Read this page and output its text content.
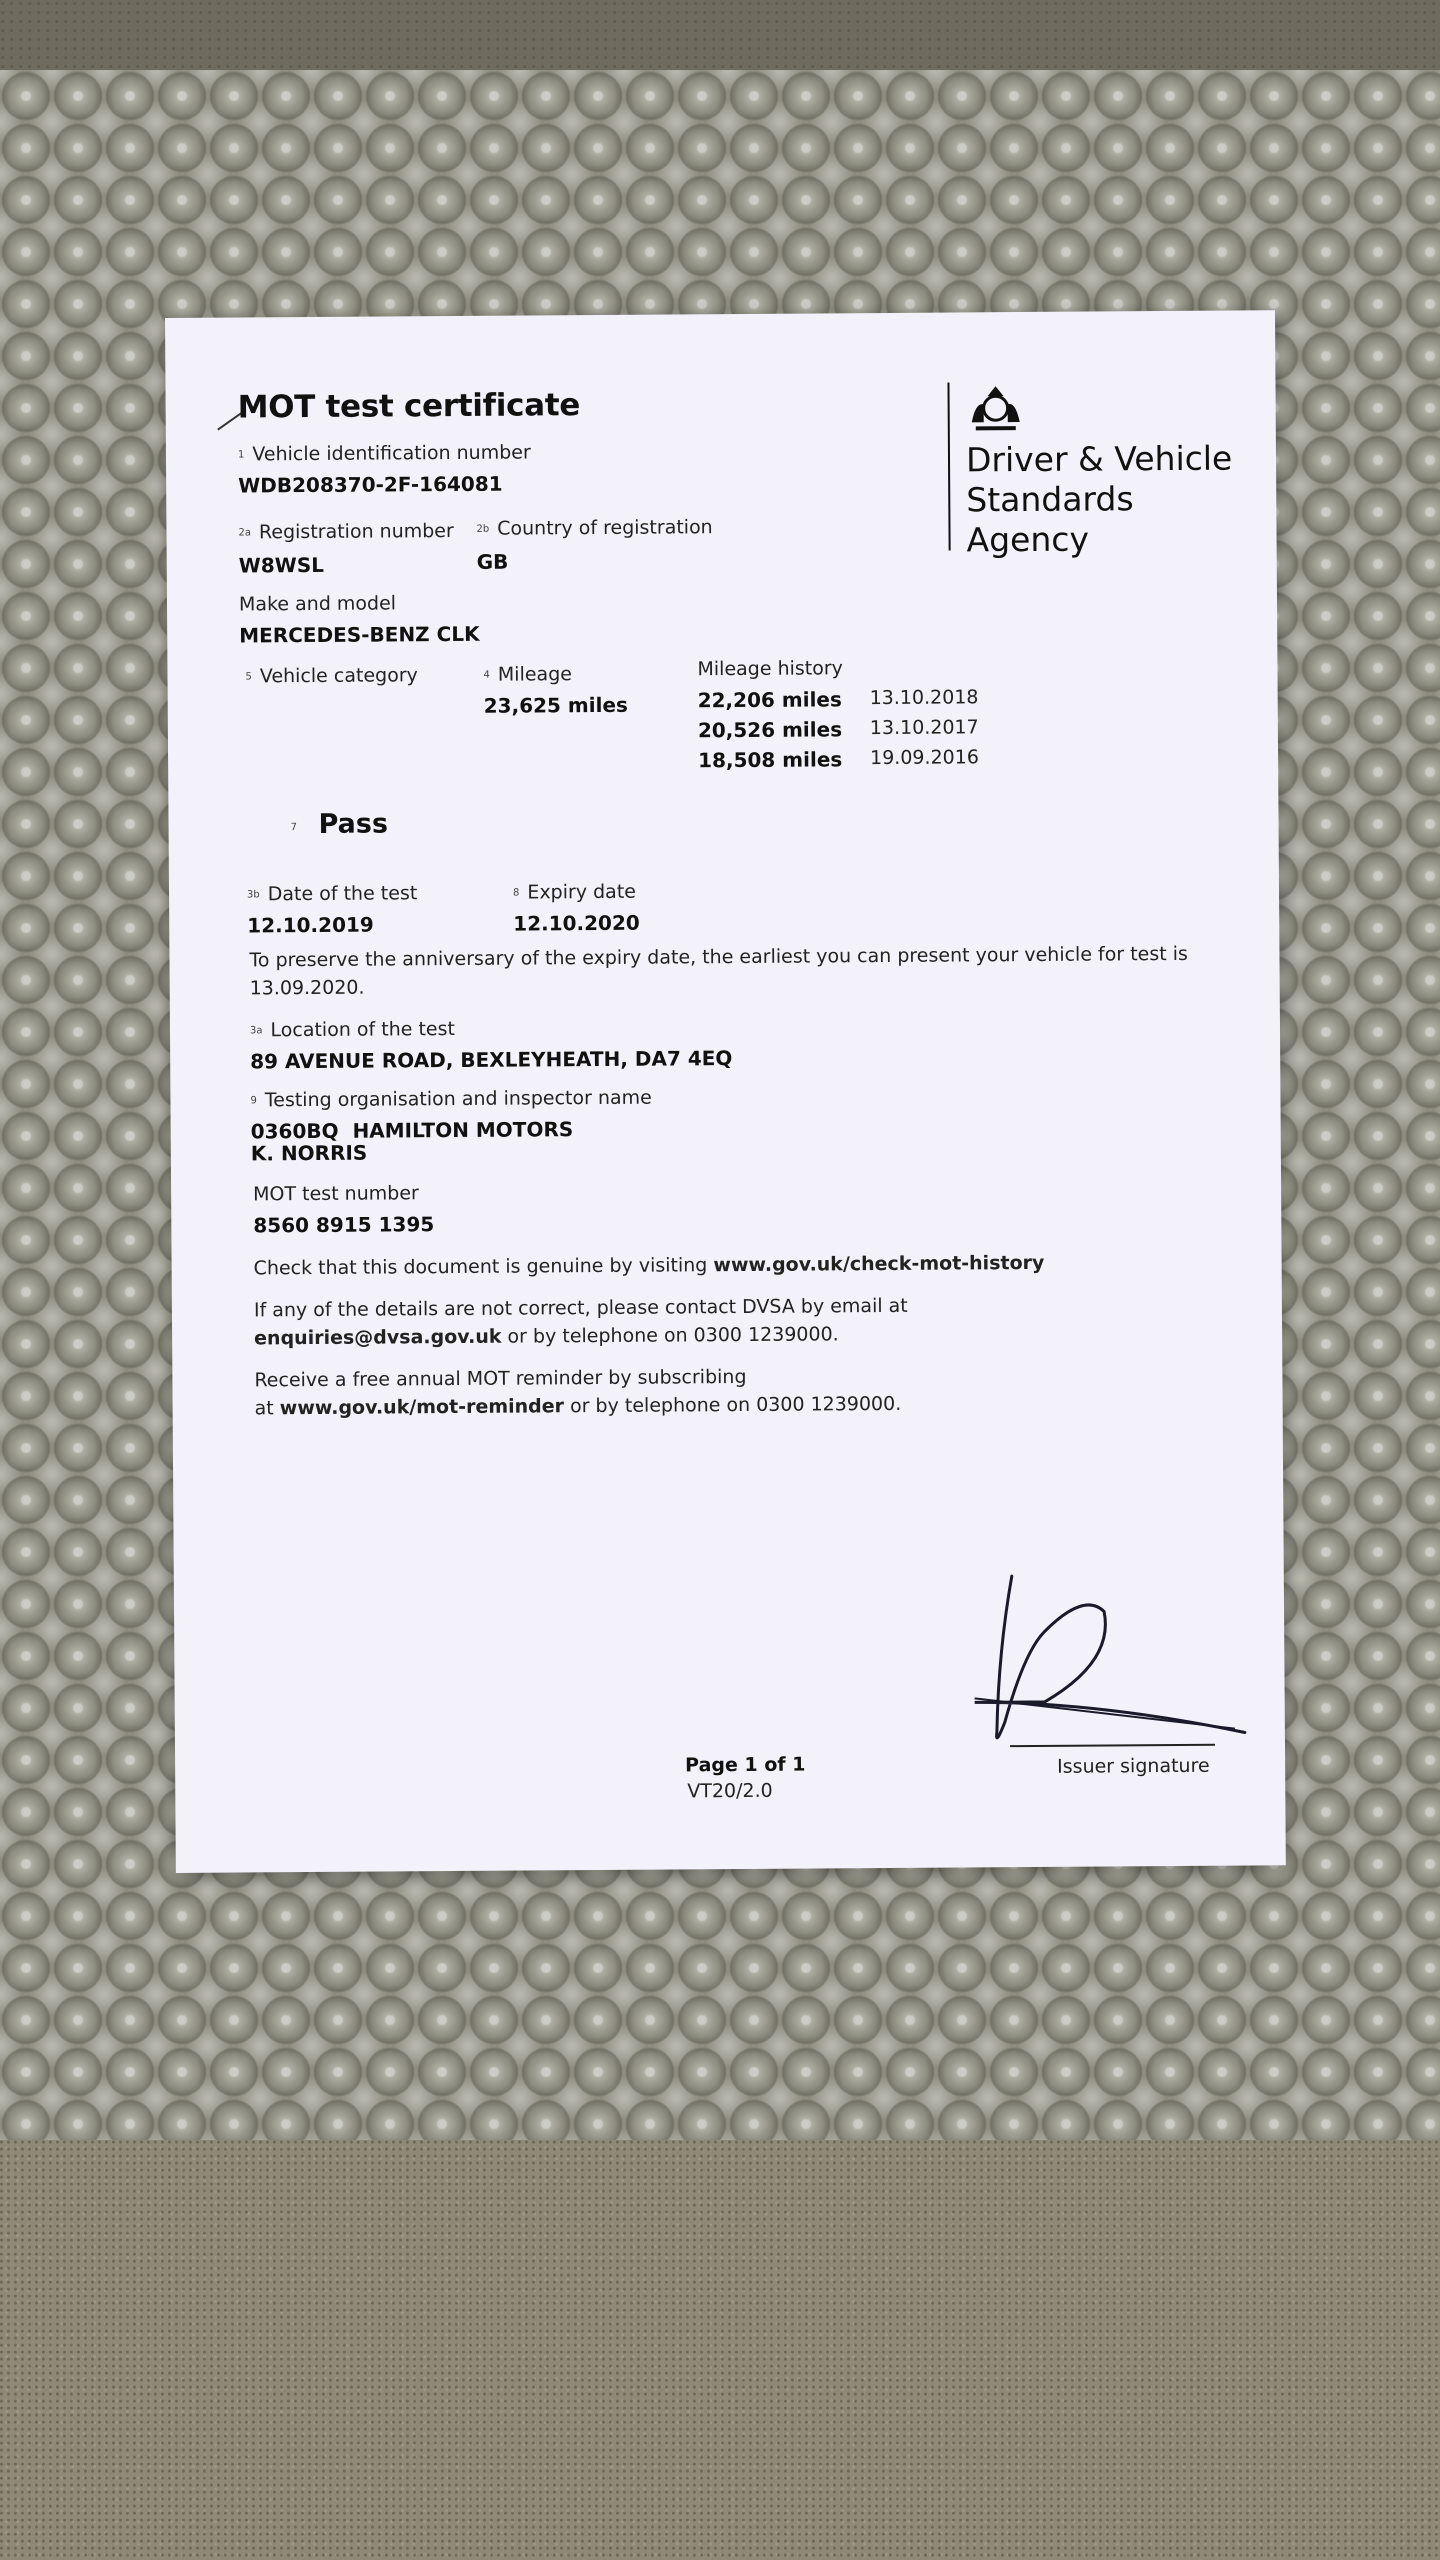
MOT test certificate
Driver & Vehicle
Standards
Agency
1 Vehicle identification number
WDB208370-2F-164081
2a Registration number
W8WSL
2b Country of registration
GB
Make and model
MERCEDES-BENZ CLK
5 Vehicle category	4 Mileage
23,625 miles
Mileage history
22,206 miles 13.10.2018
20,526 miles 13.10.2017
18,508 miles 19.09.2016
7 Pass
3b Date of the test
12.10.2019
8 Expiry date
12.10.2020
To preserve the anniversary of the expiry date, the earliest you can present your vehicle for test is
13.09.2020.
3a Location of the test
89 AVENUE ROAD, BEXLEYHEATH, DA7 4EQ
9 Testing organisation and inspector name
0360BQ  HAMILTON MOTORS
K. NORRIS
MOT test number
8560 8915 1395
Check that this document is genuine by visiting www.gov.uk/check-mot-history
If any of the details are not correct, please contact DVSA by email at
enquiries@dvsa.gov.uk or by telephone on 0300 1239000.
Receive a free annual MOT reminder by subscribing
at www.gov.uk/mot-reminder or by telephone on 0300 1239000.
Issuer signature
Page 1 of 1
VT20/2.0
